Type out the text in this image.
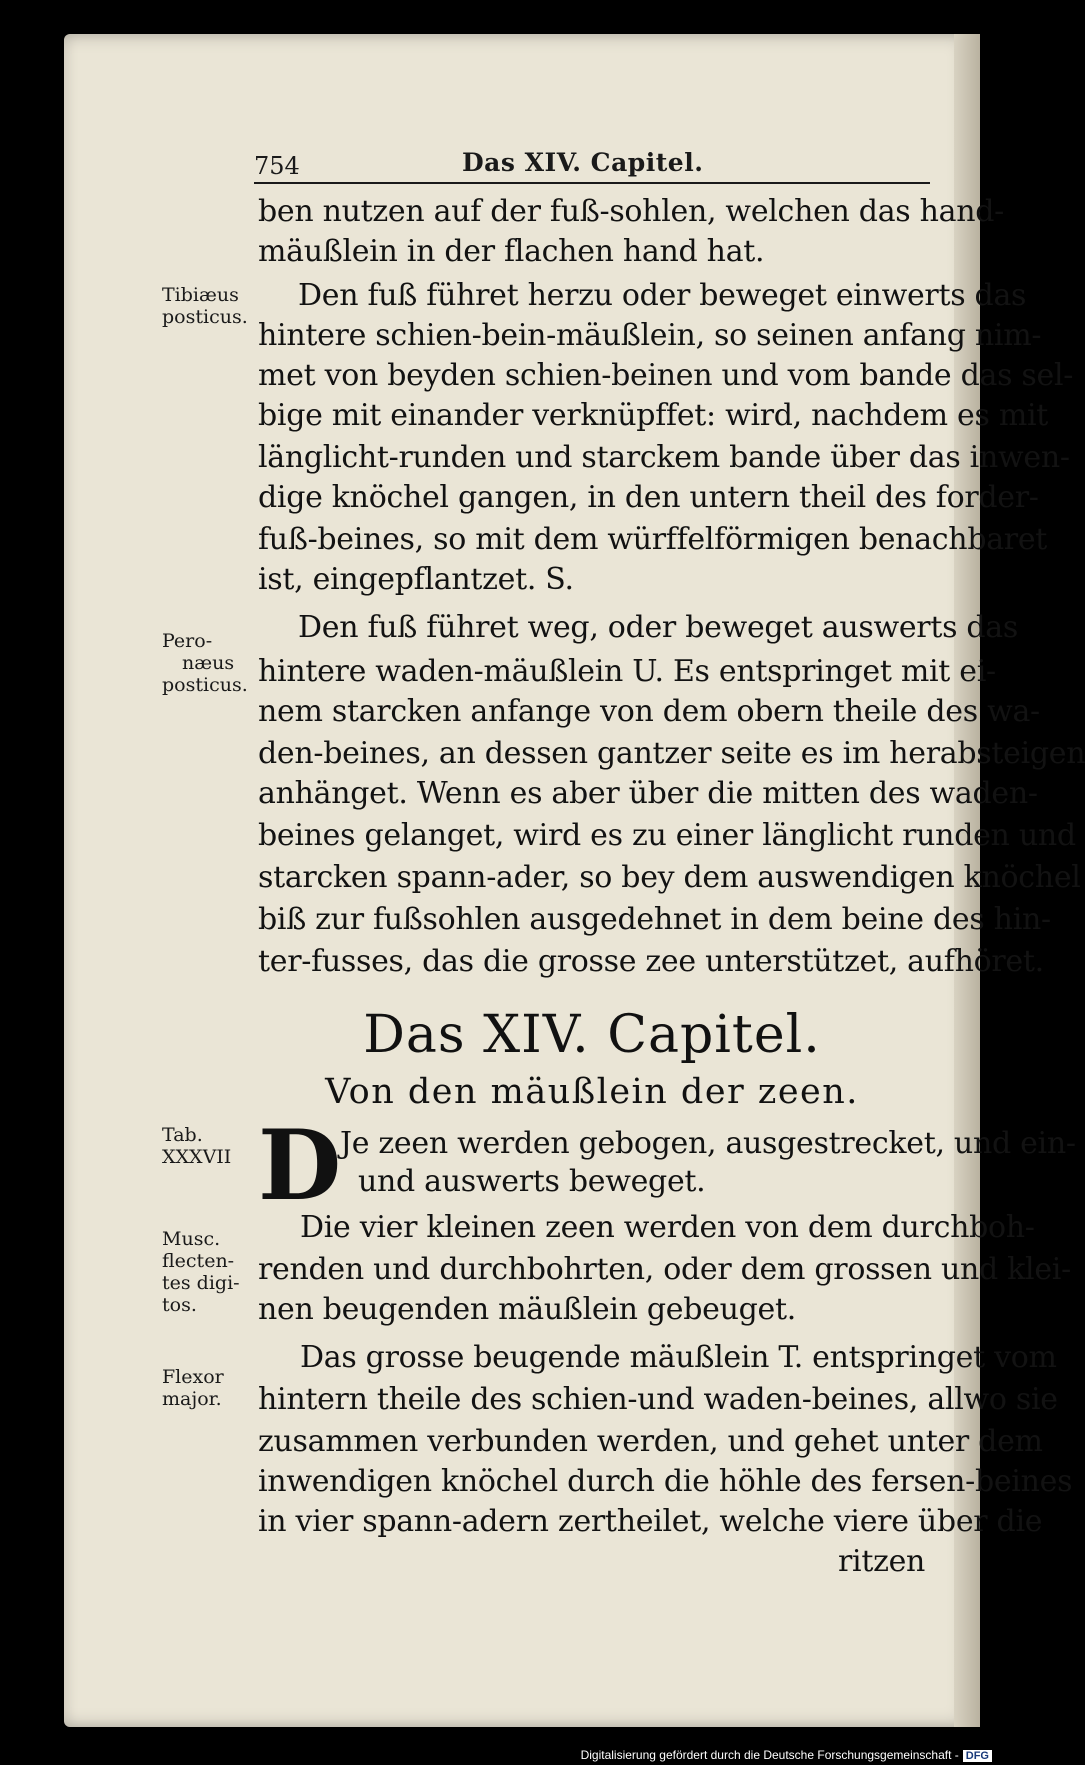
754	Das XIV. Capitel.
ben nutzen auf der fuß-sohlen, welchen das hand-
mäußlein in der flachen hand hat.
Den fuß führet herzu oder beweget einwerts das
hintere schien-bein-mäußlein, so seinen anfang nim-
met von beyden schien-beinen und vom bande das sel-
bige mit einander verknüpffet: wird, nachdem es mit
länglicht-runden und starckem bande über das inwen-
dige knöchel gangen, in den untern theil des forder-
fuß-beines, so mit dem würffelförmigen benachbaret
ist, eingepflantzet. S.
Den fuß führet weg, oder beweget auswerts das
hintere waden-mäußlein U. Es entspringet mit ei-
nem starcken anfange von dem obern theile des wa-
den-beines, an dessen gantzer seite es im herabsteigen
anhänget. Wenn es aber über die mitten des waden-
beines gelanget, wird es zu einer länglicht runden und
starcken spann-ader, so bey dem auswendigen knöchel
biß zur fußsohlen ausgedehnet in dem beine des hin-
ter-fusses, das die grosse zee unterstützet, aufhöret.
Das XIV. Capitel.
Von den mäußlein der zeen.
D
Je zeen werden gebogen, ausgestrecket, und ein-
und auswerts beweget.
Die vier kleinen zeen werden von dem durchboh-
renden und durchbohrten, oder dem grossen und klei-
nen beugenden mäußlein gebeuget.
Das grosse beugende mäußlein T. entspringet vom
hintern theile des schien-und waden-beines, allwo sie
zusammen verbunden werden, und gehet unter dem
inwendigen knöchel durch die höhle des fersen-beines
in vier spann-adern zertheilet, welche viere über die
ritzen
Tibiæus
posticus.
Pero-
næus
posticus.
Tab.
XXXVII
Musc.
flecten-
tes digi-
tos.
Flexor
major.
Digitalisierung gefördert durch die Deutsche Forschungsgemeinschaft - DFG
